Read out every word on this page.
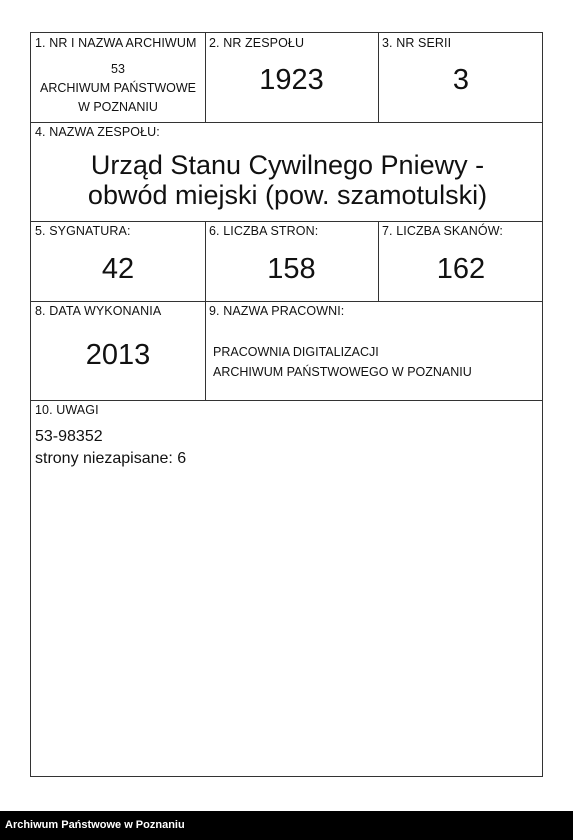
1. NR I NAZWA ARCHIWUM
53
ARCHIWUM PAŃSTWOWE
W POZNANIU
2. NR ZESPOŁU
1923
3. NR SERII
3
4. NAZWA ZESPOŁU:
Urząd Stanu Cywilnego Pniewy -
obwód miejski (pow. szamotulski)
5. SYGNATURA:
42
6. LICZBA STRON:
158
7. LICZBA SKANÓW:
162
8. DATA WYKONANIA
2013
9. NAZWA PRACOWNI:
PRACOWNIA DIGITALIZACJI
ARCHIWUM PAŃSTWOWEGO W POZNANIU
10. UWAGI
53-98352
strony niezapisane: 6
Archiwum Państwowe w Poznaniu
